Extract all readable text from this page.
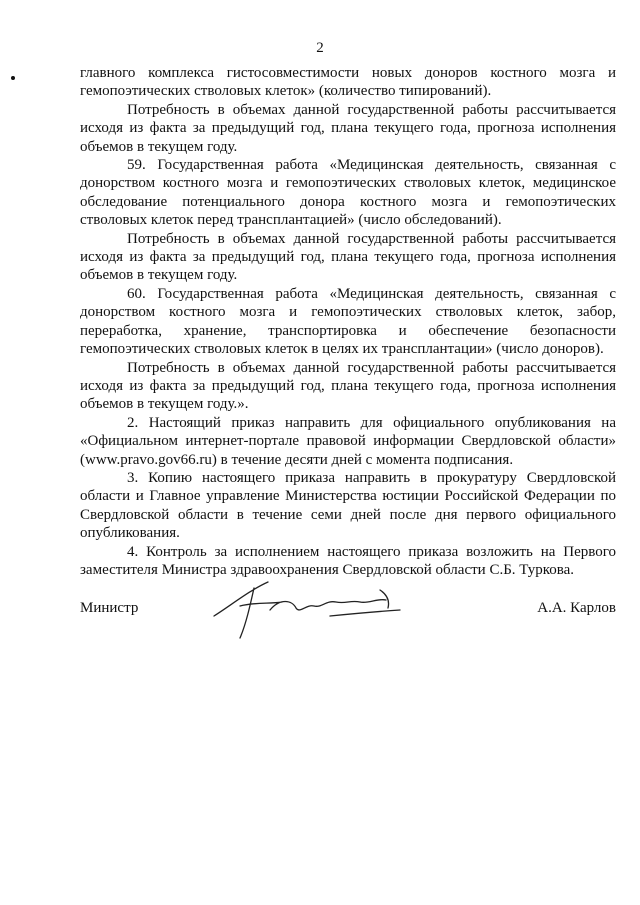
2

главного комплекса гистосовместимости новых доноров костного мозга и гемопоэтических стволовых клеток» (количество типирований).

Потребность в объемах данной государственной работы рассчитывается исходя из факта за предыдущий год, плана текущего года, прогноза исполнения объемов в текущем году.

59. Государственная работа «Медицинская деятельность, связанная с донорством костного мозга и гемопоэтических стволовых клеток, медицинское обследование потенциального донора костного мозга и гемопоэтических стволовых клеток перед трансплантацией» (число обследований).

Потребность в объемах данной государственной работы рассчитывается исходя из факта за предыдущий год, плана текущего года, прогноза исполнения объемов в текущем году.

60. Государственная работа «Медицинская деятельность, связанная с донорством костного мозга и гемопоэтических стволовых клеток, забор, переработка, хранение, транспортировка и обеспечение безопасности гемопоэтических стволовых клеток в целях их трансплантации» (число доноров).

Потребность в объемах данной государственной работы рассчитывается исходя из факта за предыдущий год, плана текущего года, прогноза исполнения объемов в текущем году.».

2. Настоящий приказ направить для официального опубликования на «Официальном интернет-портале правовой информации Свердловской области» (www.pravo.gov66.ru) в течение десяти дней с момента подписания.

3. Копию настоящего приказа направить в прокуратуру Свердловской области и Главное управление Министерства юстиции Российской Федерации по Свердловской области в течение семи дней после дня первого официального опубликования.

4. Контроль за исполнением настоящего приказа возложить на Первого заместителя Министра здравоохранения Свердловской области С.Б. Туркова.

Министр	А.А. Карлов
